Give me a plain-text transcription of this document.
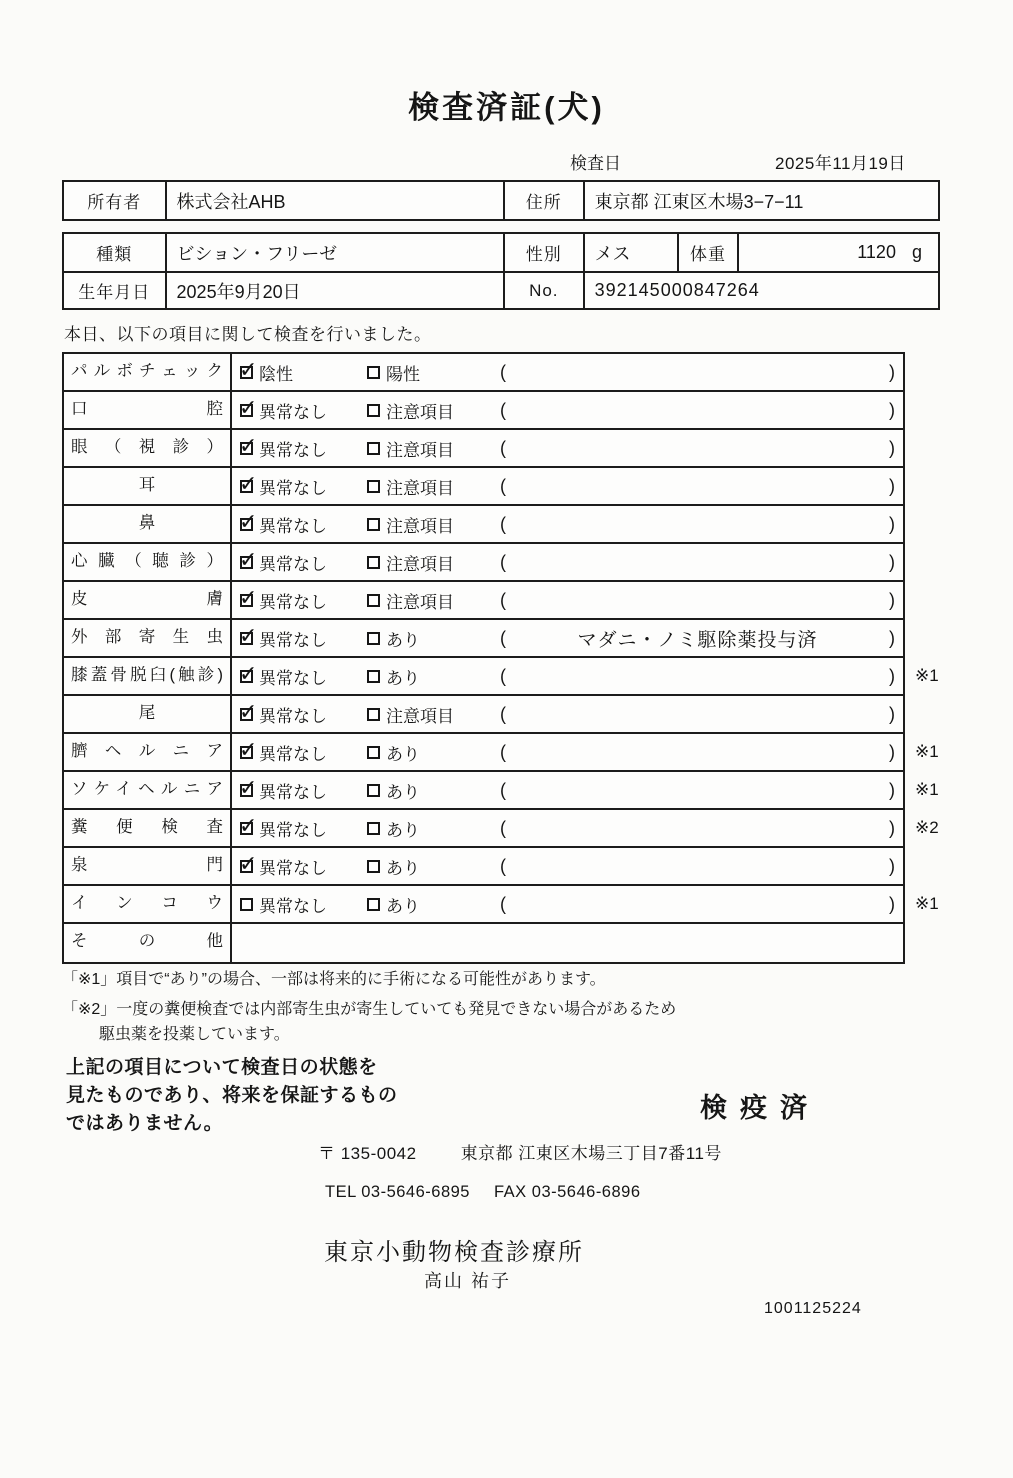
検査済証(犬)
検査日	2025年11月19日
所有者	株式会社AHB	住所	東京都 江東区木場3−7−11
種類	ビション・フリーゼ	性別	メス	体重	1120 g
生年月日	2025年9月20日	No.	392145000847264
本日、以下の項目に関して検査を行いました。
パルボチェック ✓	陰性	陽性	(	)
口腔 ✓	異常なし	注意項目	(	)
眼（視診） ✓	異常なし	注意項目	(	)
耳 ✓	異常なし	注意項目	(	)
鼻 ✓	異常なし	注意項目	(	)
心臓（聴診） ✓	異常なし	注意項目	(	)
皮膚 ✓	異常なし	注意項目	(	)
外部寄生虫 ✓	異常なし	あり	(	マダニ・ノミ駆除薬投与済	)
膝蓋骨脱臼(触診) ✓	異常なし	あり	(	) ※1
尾 ✓	異常なし	注意項目	(	)
臍ヘルニア ✓	異常なし	あり	(	) ※1
ソケイヘルニア ✓	異常なし	あり	(	) ※1
糞便検査 ✓	異常なし	あり	(	) ※2
泉門 ✓	異常なし	あり	(	)
インコウ	異常なし	あり	(	) ※1
その他
「※1」項目で“あり”の場合、一部は将来的に手術になる可能性があります。
「※2」一度の糞便検査では内部寄生虫が寄生していても発見できない場合があるため
駆虫薬を投薬しています。
上記の項目について検査日の状態を
見たものであり、将来を保証するもの
ではありません。
検疫済
〒 135-0042	東京都 江東区木場三丁目7番11号
TEL 03-5646-6895 FAX 03-5646-6896
東京小動物検査診療所
高山 祐子
1001125224
